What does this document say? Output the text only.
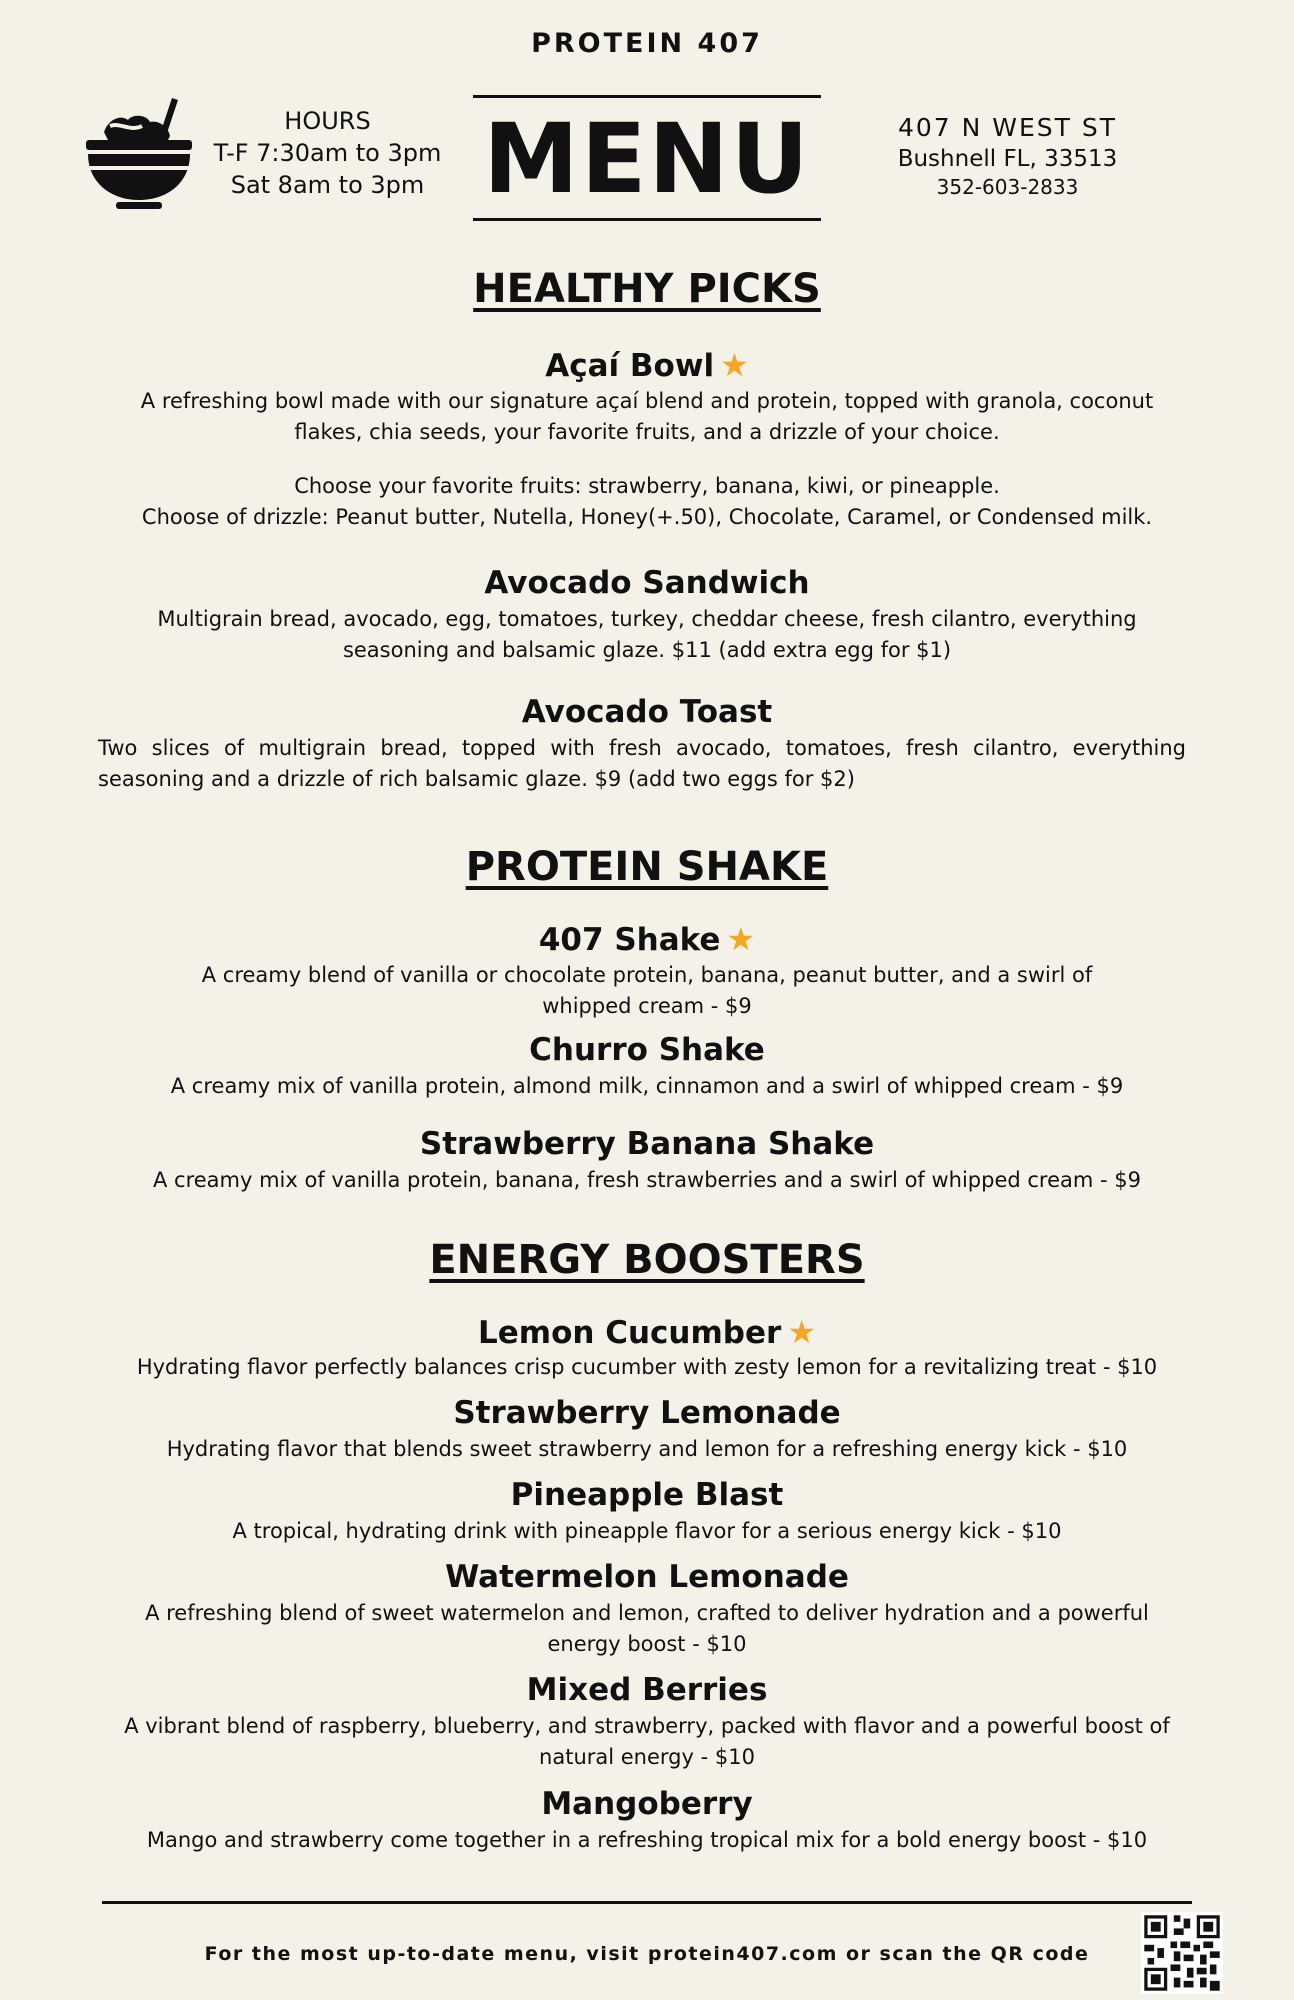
PROTEIN 407
HOURS
T-F 7:30am to 3pm
Sat 8am to 3pm MENU	407 N WEST ST
Bushnell FL, 33513
352-603-2833
HEALTHY PICKS
Açaí Bowl ★
A refreshing bowl made with our signature açaí blend and protein, topped with granola, coconut
flakes, chia seeds, your favorite fruits, and a drizzle of your choice.
Choose your favorite fruits: strawberry, banana, kiwi, or pineapple.
Choose of drizzle: Peanut butter, Nutella, Honey(+.50), Chocolate, Caramel, or Condensed milk.
Avocado Sandwich
Multigrain bread, avocado, egg, tomatoes, turkey, cheddar cheese, fresh cilantro, everything
seasoning and balsamic glaze. $11 (add extra egg for $1)
Avocado Toast
Two slices of multigrain bread, topped with fresh avocado, tomatoes, fresh cilantro, everything
seasoning and a drizzle of rich balsamic glaze. $9 (add two eggs for $2)
PROTEIN SHAKE
407 Shake ★
A creamy blend of vanilla or chocolate protein, banana, peanut butter, and a swirl of
whipped cream - $9
Churro Shake
A creamy mix of vanilla protein, almond milk, cinnamon and a swirl of whipped cream - $9
Strawberry Banana Shake
A creamy mix of vanilla protein, banana, fresh strawberries and a swirl of whipped cream - $9
ENERGY BOOSTERS
Lemon Cucumber ★
Hydrating flavor perfectly balances crisp cucumber with zesty lemon for a revitalizing treat - $10
Strawberry Lemonade
Hydrating flavor that blends sweet strawberry and lemon for a refreshing energy kick - $10
Pineapple Blast
A tropical, hydrating drink with pineapple flavor for a serious energy kick - $10
Watermelon Lemonade
A refreshing blend of sweet watermelon and lemon, crafted to deliver hydration and a powerful
energy boost - $10
Mixed Berries
A vibrant blend of raspberry, blueberry, and strawberry, packed with flavor and a powerful boost of
natural energy - $10
Mangoberry
Mango and strawberry come together in a refreshing tropical mix for a bold energy boost - $10
For the most up-to-date menu, visit protein407.com or scan the QR code
